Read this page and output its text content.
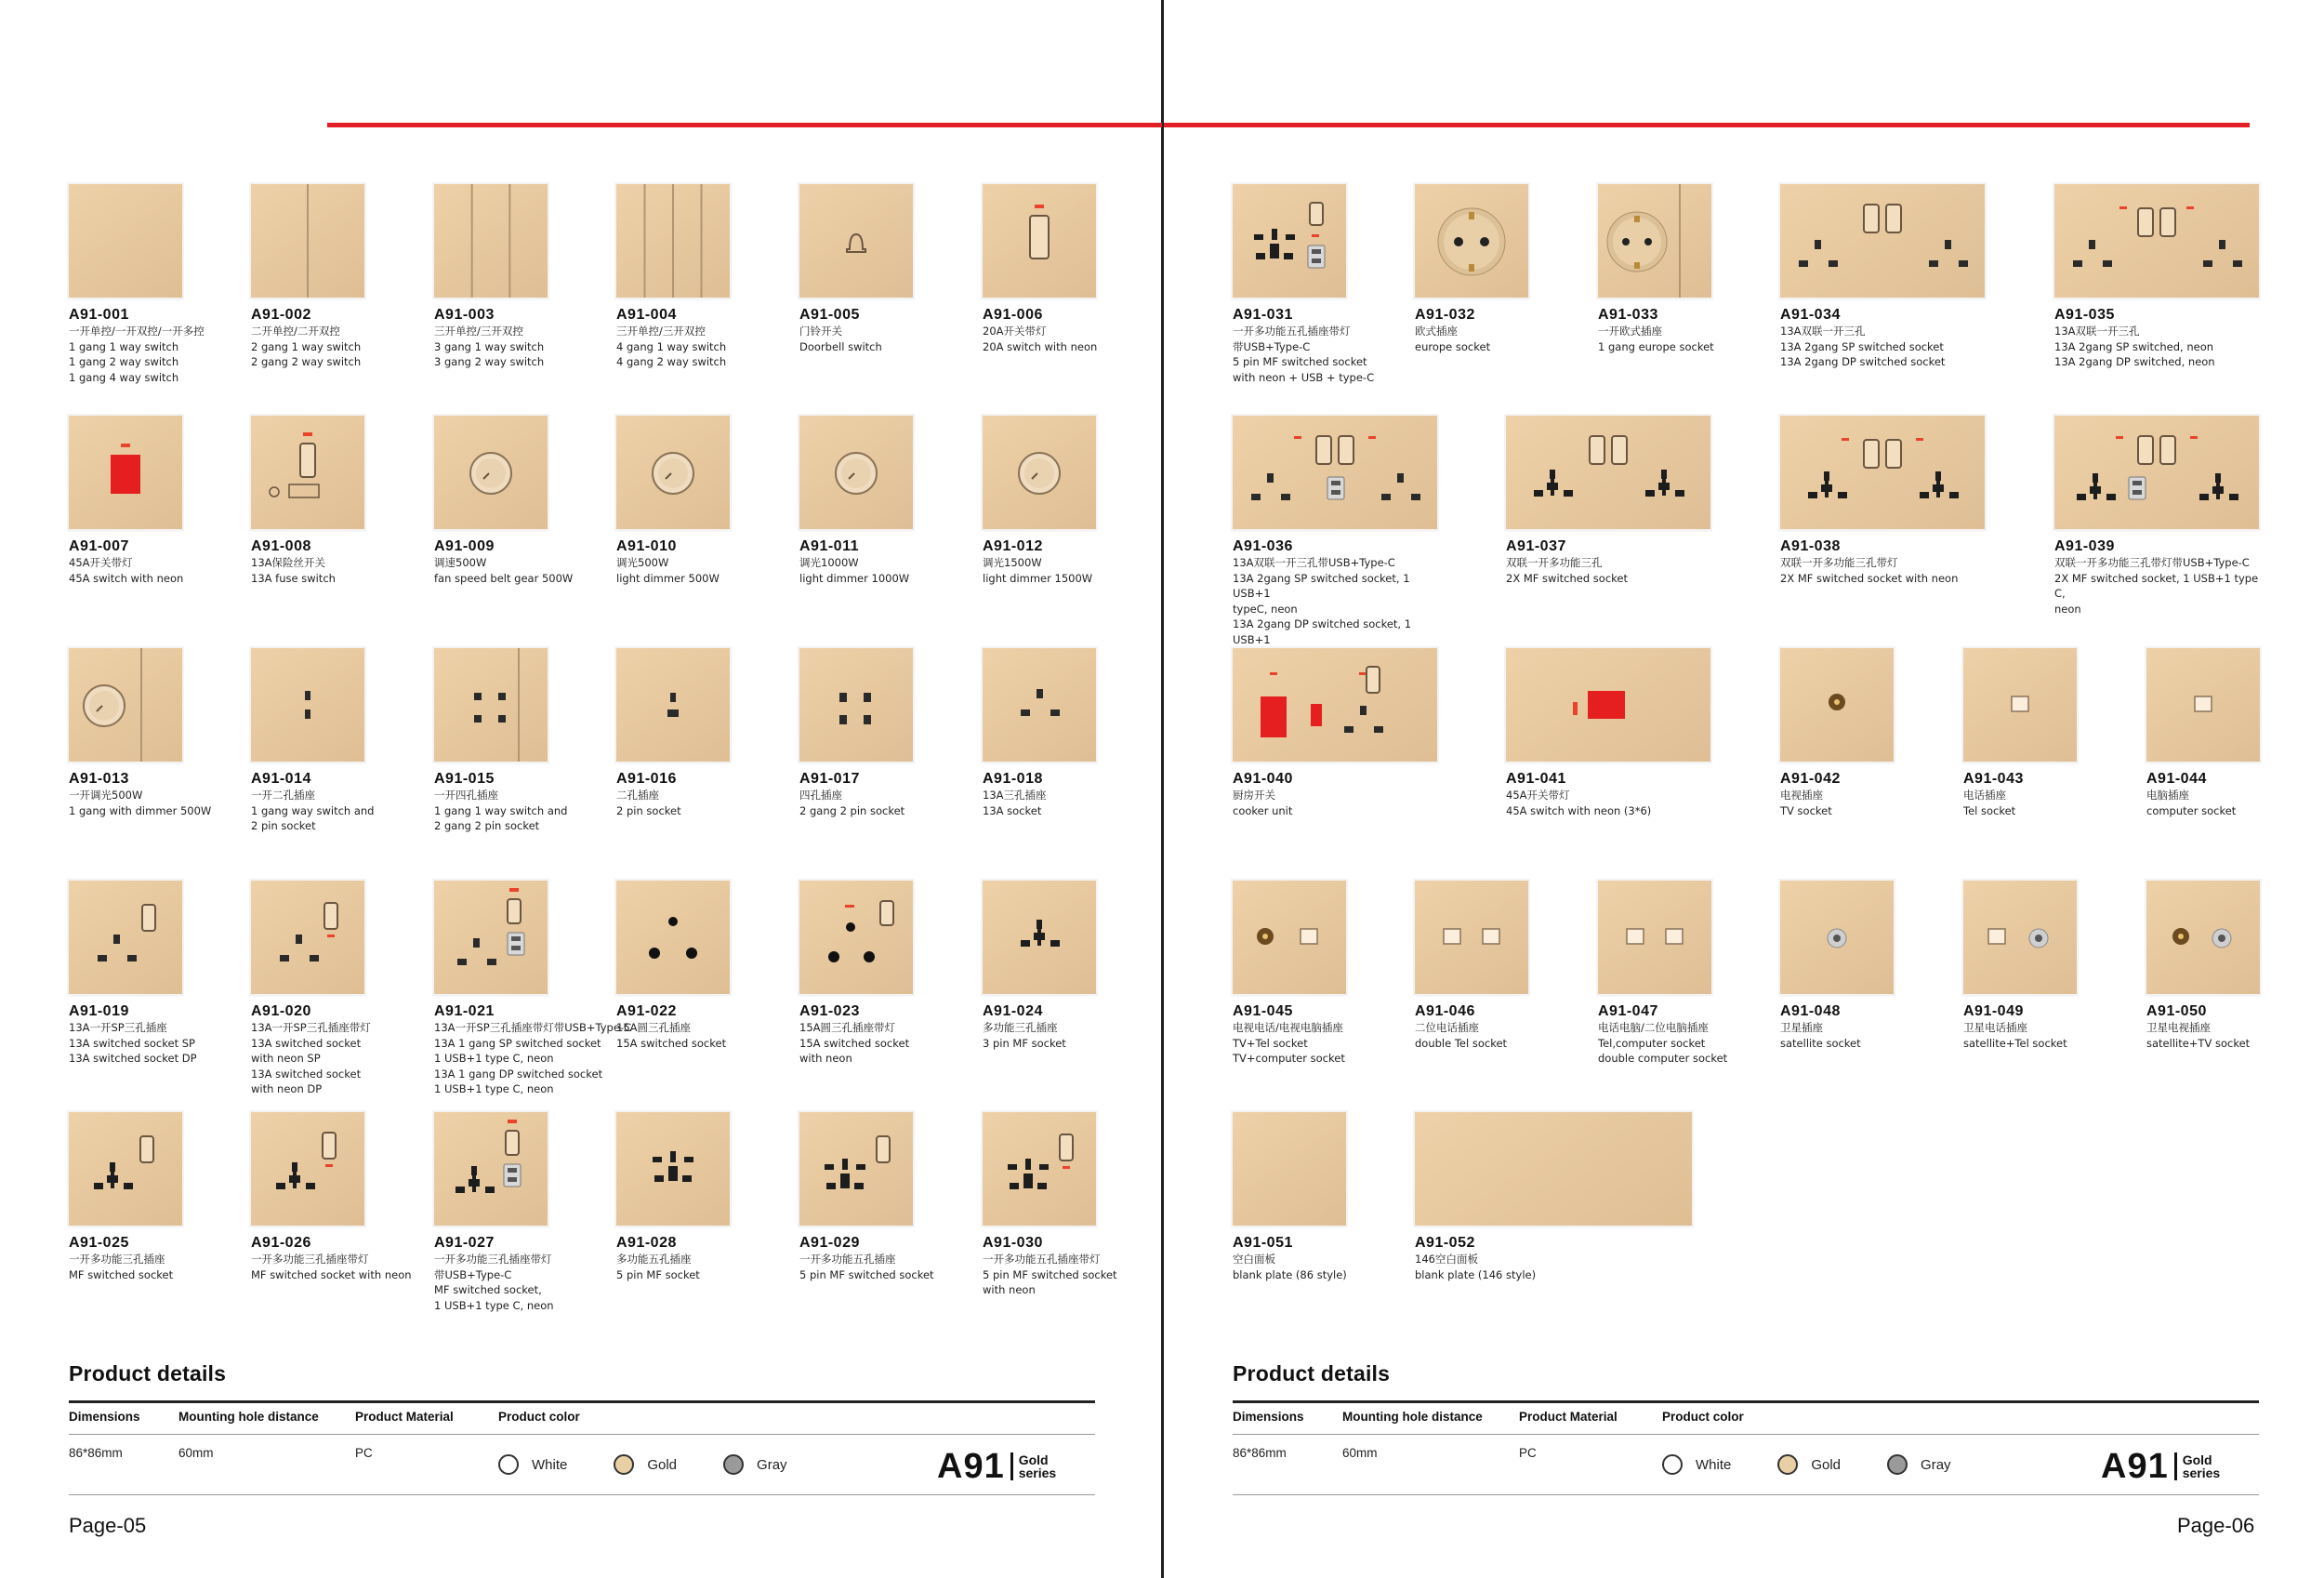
A91-001
一开单控/一开双控/一开多控
1 gang 1 way switch
1 gang 2 way switch
1 gang 4 way switch
A91-002
二开单控/二开双控
2 gang 1 way switch
2 gang 2 way switch
A91-003
三开单控/三开双控
3 gang 1 way switch
3 gang 2 way switch
A91-004
三开单控/三开双控
4 gang 1 way switch
4 gang 2 way switch
A91-005
门铃开关
Doorbell switch
A91-006
20A开关带灯
20A switch with neon
A91-007
45A开关带灯
45A switch with neon
A91-008
13A保险丝开关
13A fuse switch
A91-009
调速500W
fan speed belt gear 500W
A91-010
调光500W
light dimmer 500W
A91-011
调光1000W
light dimmer 1000W
A91-012
调光1500W
light dimmer 1500W
A91-013
一开调光500W
1 gang with dimmer 500W
A91-014
一开二孔插座
1 gang way switch and
2 pin socket
A91-015
一开四孔插座
1 gang 1 way switch and
2 gang 2 pin socket
A91-016
二孔插座
2 pin socket
A91-017
四孔插座
2 gang 2 pin socket
A91-018
13A三孔插座
13A socket
A91-019
13A一开SP三孔插座
13A switched socket SP
13A switched socket DP
A91-020
13A一开SP三孔插座带灯
13A switched socket
with neon SP
13A switched socket
with neon DP
A91-021
13A一开SP三孔插座带灯带USB+Type-C
13A 1 gang SP switched socket
1 USB+1 type C, neon
13A 1 gang DP switched socket
1 USB+1 type C, neon
A91-022
15A圆三孔插座
15A switched socket
A91-023
15A圆三孔插座带灯
15A switched socket
with neon
A91-024
多功能三孔插座
3 pin MF socket
A91-025
一开多功能三孔插座
MF switched socket
A91-026
一开多功能三孔插座带灯
MF switched socket with neon
A91-027
一开多功能三孔插座带灯
带USB+Type-C
MF switched socket,
1 USB+1 type C, neon
A91-028
多功能五孔插座
5 pin MF socket
A91-029
一开多功能五孔插座
5 pin MF switched socket
A91-030
一开多功能五孔插座带灯
5 pin MF switched socket
with neon
Product details
Dimensions	Mounting hole distance	Product Material	Product color
86*86mm	60mm	PC
White	Gold	Gray	A91 Gold
series
Page-05
A91-031
一开多功能五孔插座带灯
带USB+Type-C
5 pin MF switched socket
with neon + USB + type-C
A91-032
欧式插座
europe socket
A91-033
一开欧式插座
1 gang europe socket
A91-034
13A双联一开三孔
13A 2gang SP switched socket
13A 2gang DP switched socket
A91-035
13A双联一开三孔
13A 2gang SP switched, neon
13A 2gang DP switched, neon
A91-036
13A双联一开三孔带USB+Type-C
13A 2gang SP switched socket, 1 USB+1
typeC, neon
13A 2gang DP switched socket, 1 USB+1

A91-037
双联一开多功能三孔
2X MF switched socket
A91-038
双联一开多功能三孔带灯
2X MF switched socket with neon
A91-039
双联一开多功能三孔带灯带USB+Type-C
2X MF switched socket, 1 USB+1 type C,
neon
A91-040
厨房开关
cooker unit
A91-041
45A开关带灯
45A switch with neon (3*6)
A91-042
电视插座
TV socket
A91-043
电话插座
Tel socket
A91-044
电脑插座
computer socket
A91-045
电视电话/电视电脑插座
TV+Tel socket
TV+computer socket
A91-046
二位电话插座
double Tel socket
A91-047
电话电脑/二位电脑插座
Tel,computer socket
double computer socket
A91-048
卫星插座
satellite socket
A91-049
卫星电话插座
satellite+Tel socket
A91-050
卫星电视插座
satellite+TV socket
A91-051
空白面板
blank plate (86 style)
A91-052
146空白面板
blank plate (146 style)
Product details
Dimensions	Mounting hole distance	Product Material	Product color
86*86mm	60mm	PC
White	Gold	Gray	A91 Gold
series
Page-06
